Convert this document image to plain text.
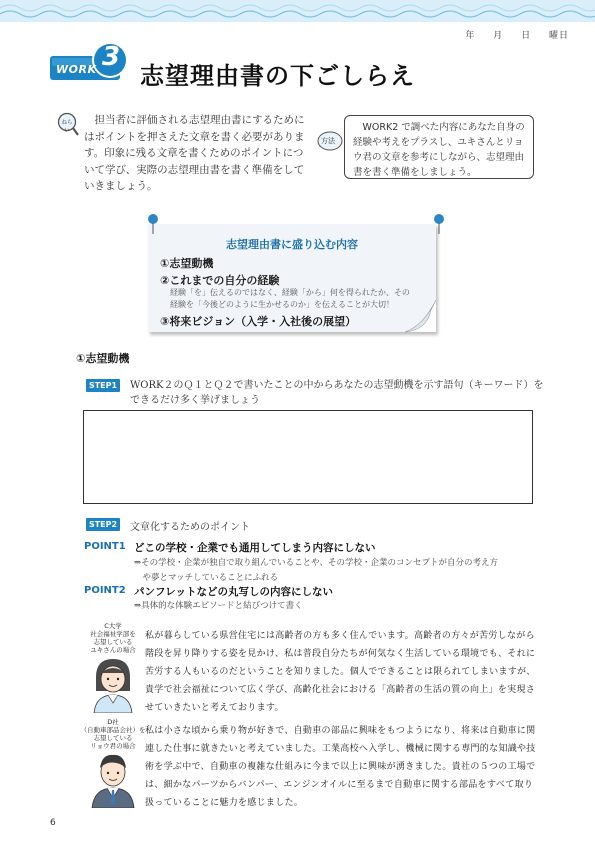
年 月 日 曜日
WORK 3
志望理由書の下ごしらえ
ねらい
担当者に評価される志望理由書にするためにはポイントを押さえた文章を書く必要があります。印象に残る文章を書くためのポイントについて学び、実際の志望理由書を書く準備をしていきましょう。
方法
WORK2 で調べた内容にあなた自身の経験や考えをプラスし、ユキさんとリョウ君の文章を参考にしながら、志望理由書を書く準備をしましょう。
志望理由書に盛り込む内容
①志望動機
②これまでの自分の経験
経験「を」伝えるのではなく、経験「から」何を得られたか、その
経験を「今後どのように生かせるのか」を伝えることが大切！
③将来ビジョン（入学・入社後の展望）
①志望動機
STEP1 WORK２のＱ１とＱ２で書いたことの中からあなたの志望動機を示す語句（キーワード）をできるだけ多く挙げましょう
STEP2 文章化するためのポイント
POINT1 どこの学校・企業でも通用してしまう内容にしない
⇒その学校・企業が独自で取り組んでいることや、その学校・企業のコンセプトが自分の考え方
や夢とマッチしていることにふれる
POINT2 パンフレットなどの丸写しの内容にしない
⇒具体的な体験エピソードと結びつけて書く
C大学
社会福祉学部を
志望している
ユキさんの場合
私が暮らしている県営住宅には高齢者の方も多く住んでいます。高齢者の方々が苦労しながら階段を昇り降りする姿を見かけ、私は普段自分たちが何気なく生活している環境でも、それに苦労する人もいるのだということを知りました。個人でできることは限られてしまいますが、貴学で社会福祉について広く学び、高齢化社会における「高齢者の生活の質の向上」を実現させていきたいと考えております。
D社
（自動車部品会社）を
志望している
リョウ君の場合
私は小さな頃から乗り物が好きで、自動車の部品に興味をもつようになり、将来は自動車に関連した仕事に就きたいと考えていました。工業高校へ入学し、機械に関する専門的な知識や技術を学ぶ中で、自動車の複雑な仕組みに今まで以上に興味が湧きました。貴社の５つの工場では、細かなパーツからバンパー、エンジンオイルに至るまで自動車に関する部品をすべて取り扱っていることに魅力を感じました。
6
